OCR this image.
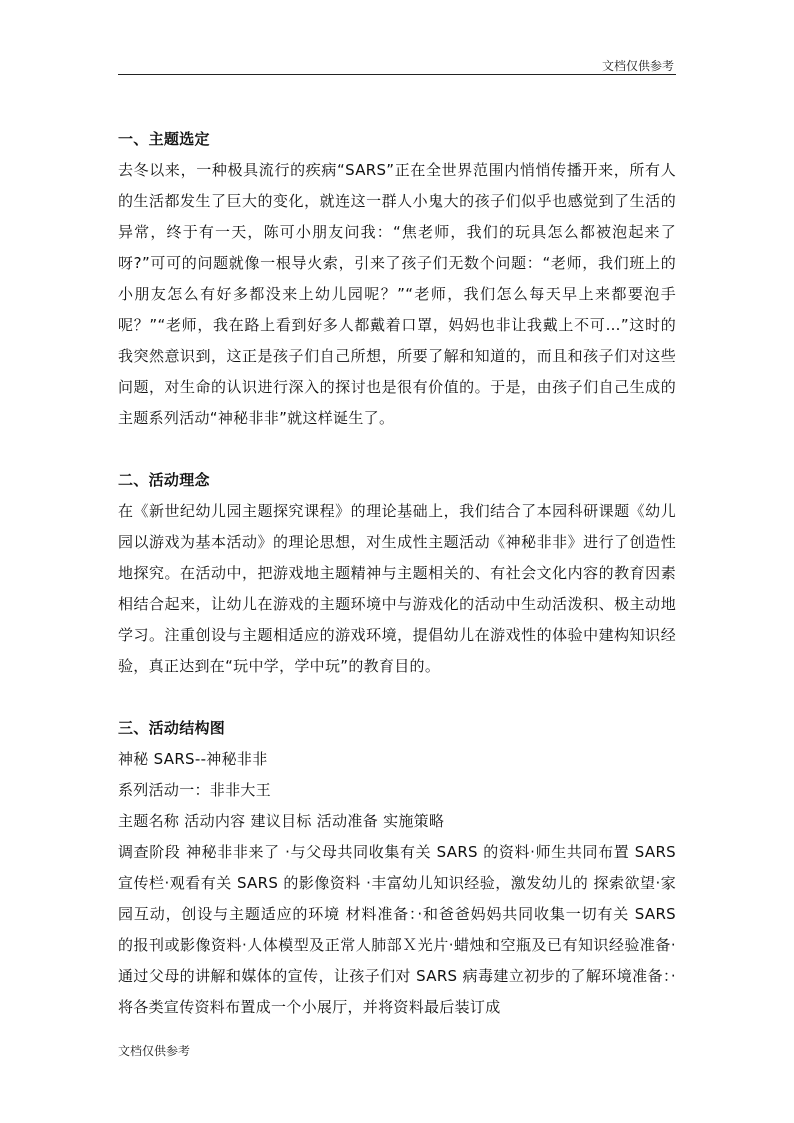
文档仅供参考

一、主题选定

去冬以来，一种极具流行的疾病“SARS”正在全世界范围内悄悄传播开来，所有人的生活都发生了巨大的变化，就连这一群人小鬼大的孩子们似乎也感觉到了生活的异常，终于有一天，陈可小朋友问我：“焦老师，我们的玩具怎么都被泡起来了呀?”可可的问题就像一根导火索，引来了孩子们无数个问题：“老师，我们班上的小朋友怎么有好多都没来上幼儿园呢？”“老师，我们怎么每天早上来都要泡手呢？”“老师，我在路上看到好多人都戴着口罩，妈妈也非让我戴上不可…”这时的我突然意识到，这正是孩子们自己所想，所要了解和知道的，而且和孩子们对这些问题，对生命的认识进行深入的探讨也是很有价值的。于是，由孩子们自己生成的主题系列活动“神秘非非”就这样诞生了。

二、活动理念

在《新世纪幼儿园主题探究课程》的理论基础上，我们结合了本园科研课题《幼儿园以游戏为基本活动》的理论思想，对生成性主题活动《神秘非非》进行了创造性地探究。在活动中，把游戏地主题精神与主题相关的、有社会文化内容的教育因素相结合起来，让幼儿在游戏的主题环境中与游戏化的活动中生动活泼积、极主动地学习。注重创设与主题相适应的游戏环境，提倡幼儿在游戏性的体验中建构知识经验，真正达到在“玩中学，学中玩”的教育目的。

三、活动结构图

神秘 SARS--神秘非非

系列活动一：非非大王

主题名称 活动内容 建议目标 活动准备 实施策略

调查阶段 神秘非非来了 ·与父母共同收集有关 SARS 的资料·师生共同布置 SARS 宣传栏·观看有关 SARS 的影像资料 ·丰富幼儿知识经验，激发幼儿的 探索欲望·家园互动，创设与主题适应的环境 材料准备：·和爸爸妈妈共同收集一切有关 SARS 的报刊或影像资料·人体模型及正常人肺部Ｘ光片·蜡烛和空瓶及已有知识经验准备·通过父母的讲解和媒体的宣传，让孩子们对 SARS 病毒建立初步的了解环境准备：·将各类宣传资料布置成一个小展厅，并将资料最后装订成

文档仅供参考
